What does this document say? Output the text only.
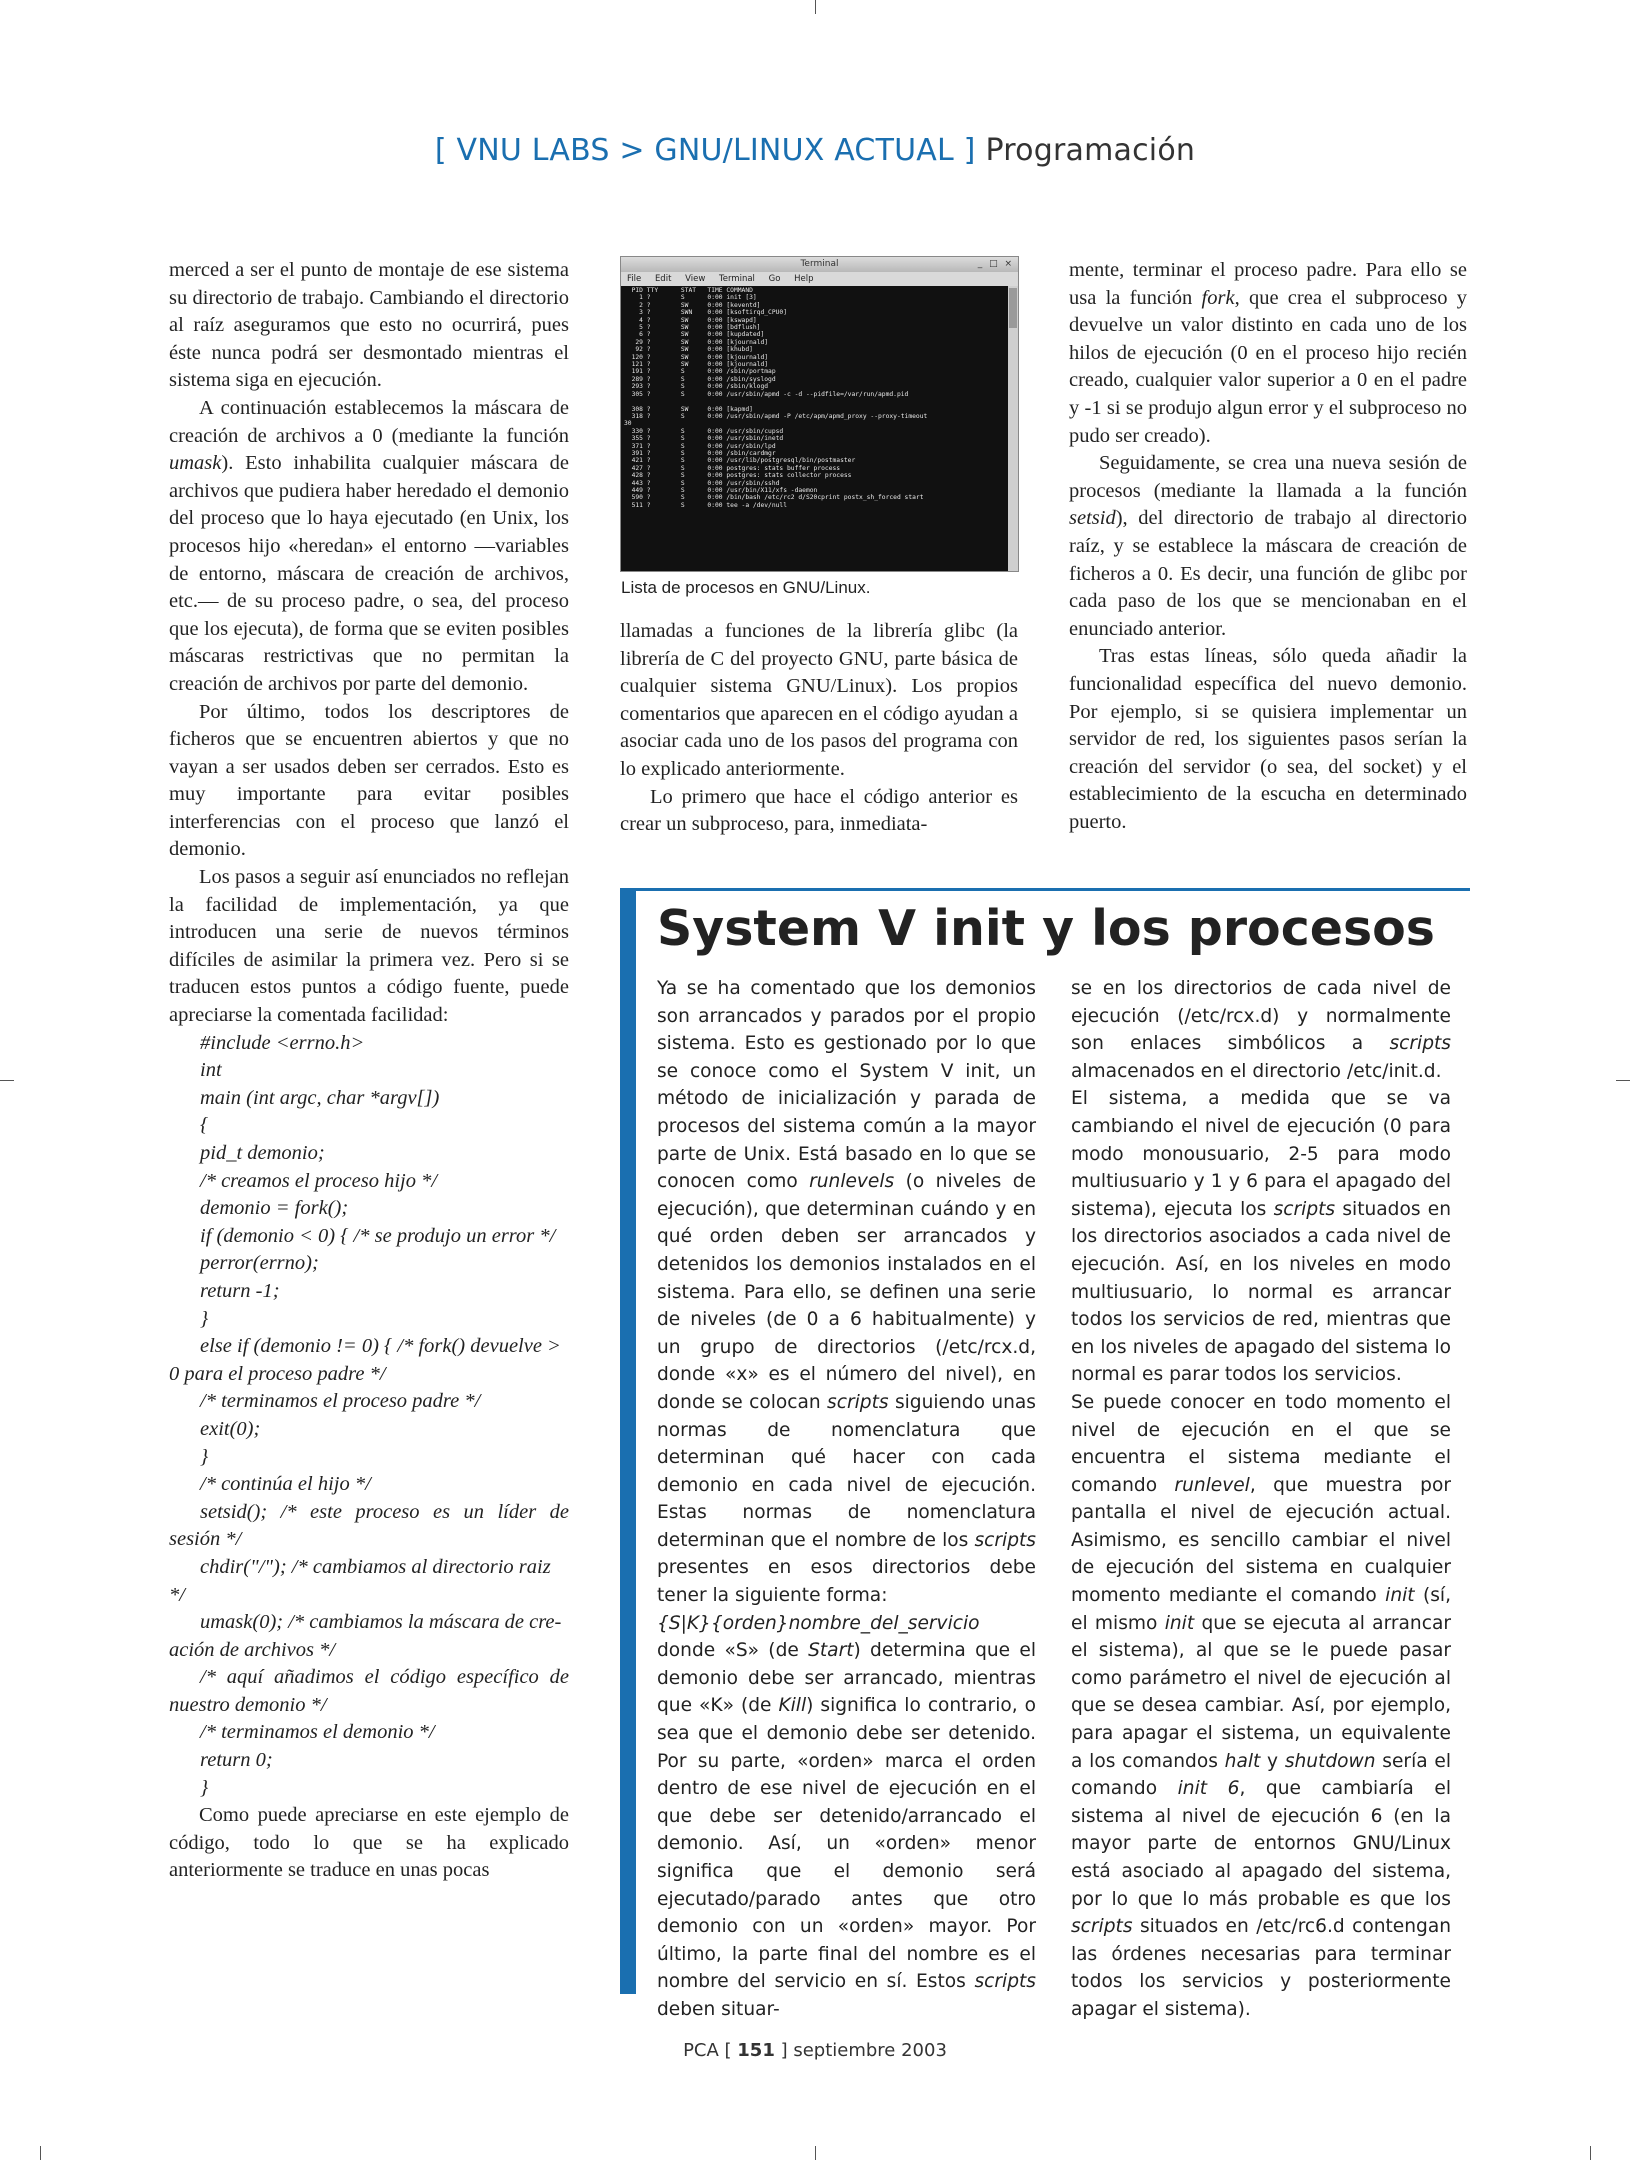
[ VNU LABS > GNU/LINUX ACTUAL ] Programación

merced a ser el punto de montaje de ese sistema su directorio de trabajo. Cambiando el directorio al raíz aseguramos que esto no ocurrirá, pues éste nunca podrá ser desmontado mientras el sistema siga en ejecución.

A continuación establecemos la máscara de creación de archivos a 0 (mediante la función umask). Esto inhabilita cualquier máscara de archivos que pudiera haber heredado el demonio del proceso que lo haya ejecutado (en Unix, los procesos hijo «heredan» el entorno —variables de entorno, máscara de creación de archivos, etc.— de su proceso padre, o sea, del proceso que los ejecuta), de forma que se eviten posibles máscaras restrictivas que no permitan la creación de archivos por parte del demonio.

Por último, todos los descriptores de ficheros que se encuentren abiertos y que no vayan a ser usados deben ser cerrados. Esto es muy importante para evitar posibles interferencias con el proceso que lanzó el demonio.

Los pasos a seguir así enunciados no reflejan la facilidad de implementación, ya que introducen una serie de nuevos términos difíciles de asimilar la primera vez. Pero si se traducen estos puntos a código fuente, puede apreciarse la comentada facilidad:

#include <errno.h>
int
main (int argc, char *argv[])
{
pid_t demonio;
/* creamos el proceso hijo */
demonio = fork();
if (demonio < 0) { /* se produjo un error */
perror(errno);
return -1;
}
else if (demonio != 0) { /* fork() devuelve >
0 para el proceso padre */
/* terminamos el proceso padre */
exit(0);
}
/* continúa el hijo */
setsid(); /* este proceso es un líder de
sesión */
chdir("/"); /* cambiamos al directorio raiz
*/
umask(0); /* cambiamos la máscara de cre-
ación de archivos */
/* aquí añadimos el código específico de
nuestro demonio */
/* terminamos el demonio */
return 0;
}

Como puede apreciarse en este ejemplo de código, todo lo que se ha explicado anteriormente se traduce en unas pocas

Terminal	_ □ ×
File Edit View Terminal Go Help
PID TTY      STAT   TIME COMMAND
1 ?        S      0:00 init [3]
2 ?        SW     0:00 [keventd]
3 ?        SWN    0:00 [ksoftirqd_CPU0]
4 ?        SW     0:00 [kswapd]
5 ?        SW     0:00 [bdflush]
6 ?        SW     0:00 [kupdated]
29 ?        SW     0:00 [kjournald]
92 ?        SW     0:00 [khubd]
120 ?        SW     0:00 [kjournald]
121 ?        SW     0:00 [kjournald]
191 ?        S      0:00 /sbin/portmap
289 ?        S      0:00 /sbin/syslogd
293 ?        S      0:00 /sbin/klogd
305 ?        S      0:00 /usr/sbin/apmd -c -d --pidfile=/var/run/apmd.pid

308 ?        SW     0:00 [kapmd]
318 ?        S      0:00 /usr/sbin/apmd -P /etc/apm/apmd_proxy --proxy-timeout
30
330 ?        S      0:00 /usr/sbin/cupsd
355 ?        S      0:00 /usr/sbin/inetd
371 ?        S      0:00 /usr/sbin/lpd
391 ?        S      0:00 /sbin/cardmgr
421 ?        S      0:00 /usr/lib/postgresql/bin/postmaster
427 ?        S      0:00 postgres: stats buffer process
428 ?        S      0:00 postgres: stats collector process
443 ?        S      0:00 /usr/sbin/sshd
449 ?        S      0:00 /usr/bin/X11/xfs -daemon
590 ?        S      0:00 /bin/bash /etc/rc2 d/S20cprint postx_sh_forced start
511 ?        S      0:00 tee -a /dev/null
Lista de procesos en GNU/Linux.

llamadas a funciones de la librería glibc (la librería de C del proyecto GNU, parte básica de cualquier sistema GNU/Linux). Los propios comentarios que aparecen en el código ayudan a asociar cada uno de los pasos del programa con lo explicado anteriormente.

Lo primero que hace el código anterior es crear un subproceso, para, inmediata-

mente, terminar el proceso padre. Para ello se usa la función fork, que crea el subproceso y devuelve un valor distinto en cada uno de los hilos de ejecución (0 en el proceso hijo recién creado, cualquier valor superior a 0 en el padre y -1 si se produjo algun error y el subproceso no pudo ser creado).

Seguidamente, se crea una nueva sesión de procesos (mediante la llamada a la función setsid), del directorio de trabajo al directorio raíz, y se establece la máscara de creación de ficheros a 0. Es decir, una función de glibc por cada paso de los que se mencionaban en el enunciado anterior.

Tras estas líneas, sólo queda añadir la funcionalidad específica del nuevo demonio. Por ejemplo, si se quisiera implementar un servidor de red, los siguientes pasos serían la creación del servidor (o sea, del socket) y el establecimiento de la escucha en determinado puerto.

System V init y los procesos

Ya se ha comentado que los demonios son arrancados y parados por el propio sistema. Esto es gestionado por lo que se conoce como el System V init, un método de inicialización y parada de procesos del sistema común a la mayor parte de Unix. Está basado en lo que se conocen como runlevels (o niveles de ejecución), que determinan cuándo y en qué orden deben ser arrancados y detenidos los demonios instalados en el sistema. Para ello, se definen una serie de niveles (de 0 a 6 habitualmente) y un grupo de directorios (/etc/rcx.d, donde «x» es el número del nivel), en donde se colocan scripts siguiendo unas normas de nomenclatura que determinan qué hacer con cada demonio en cada nivel de ejecución. Estas normas de nomenclatura determinan que el nombre de los scripts presentes en esos directorios debe tener la siguiente forma:

{S|K}{orden}nombre_del_servicio

donde «S» (de Start) determina que el demonio debe ser arrancado, mientras que «K» (de Kill) significa lo contrario, o sea que el demonio debe ser detenido. Por su parte, «orden» marca el orden dentro de ese nivel de ejecución en el que debe ser detenido/arrancado el demonio. Así, un «orden» menor significa que el demonio será ejecutado/parado antes que otro demonio con un «orden» mayor. Por último, la parte final del nombre es el nombre del servicio en sí. Estos scripts deben situar-

se en los directorios de cada nivel de ejecución (/etc/rcx.d) y normalmente son enlaces simbólicos a scripts almacenados en el directorio /etc/init.d.

El sistema, a medida que se va cambiando el nivel de ejecución (0 para modo monousuario, 2-5 para modo multiusuario y 1 y 6 para el apagado del sistema), ejecuta los scripts situados en los directorios asociados a cada nivel de ejecución. Así, en los niveles en modo multiusuario, lo normal es arrancar todos los servicios de red, mientras que en los niveles de apagado del sistema lo normal es parar todos los servicios.

Se puede conocer en todo momento el nivel de ejecución en el que se encuentra el sistema mediante el comando runlevel, que muestra por pantalla el nivel de ejecución actual. Asimismo, es sencillo cambiar el nivel de ejecución del sistema en cualquier momento mediante el comando init (sí, el mismo init que se ejecuta al arrancar el sistema), al que se le puede pasar como parámetro el nivel de ejecución al que se desea cambiar. Así, por ejemplo, para apagar el sistema, un equivalente a los comandos halt y shutdown sería el comando init 6, que cambiaría el sistema al nivel de ejecución 6 (en la mayor parte de entornos GNU/Linux está asociado al apagado del sistema, por lo que lo más probable es que los scripts situados en /etc/rc6.d contengan las órdenes necesarias para terminar todos los servicios y posteriormente apagar el sistema).

PCA [ 151 ] septiembre 2003
